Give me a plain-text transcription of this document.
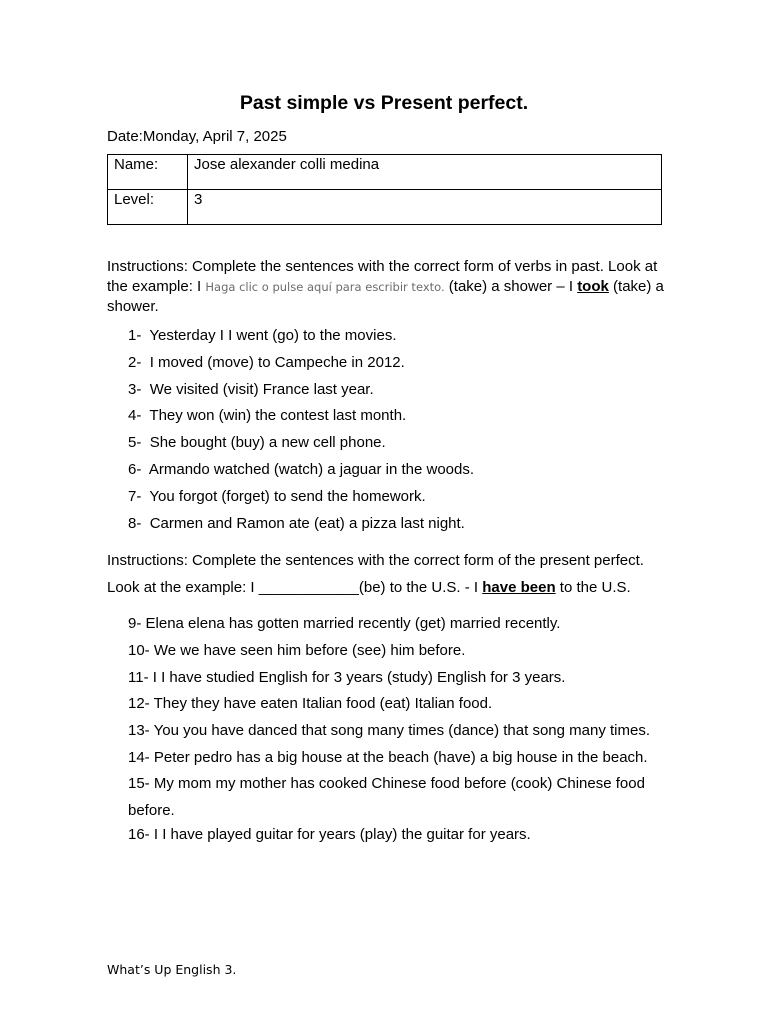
Past simple vs Present perfect.
Date:Monday, April 7, 2025
Name:	Jose alexander colli medina
Level:	3
Instructions: Complete the sentences with the correct form of verbs in past. Look at the example: I Haga clic o pulse aquí para escribir texto. (take) a shower – I took (take) a shower.
1- Yesterday I I went (go) to the movies.
2- I moved (move) to Campeche in 2012.
3- We visited (visit) France last year.
4- They won (win) the contest last month.
5- She bought (buy) a new cell phone.
6- Armando watched (watch) a jaguar in the woods.
7- You forgot (forget) to send the homework.
8- Carmen and Ramon ate (eat) a pizza last night.
Instructions: Complete the sentences with the correct form of the present perfect.
Look at the example: I ____________(be) to the U.S. - I have been to the U.S.
9- Elena elena has gotten married recently (get) married recently.
10- We we have seen him before (see) him before.
11- I I have studied English for 3 years (study) English for 3 years.
12- They they have eaten Italian food (eat) Italian food.
13- You you have danced that song many times (dance) that song many times.
14- Peter pedro has a big house at the beach (have) a big house in the beach.
15- My mom my mother has cooked Chinese food before (cook) Chinese food before.
16- I I have played guitar for years (play) the guitar for years.
What’s Up English 3.
